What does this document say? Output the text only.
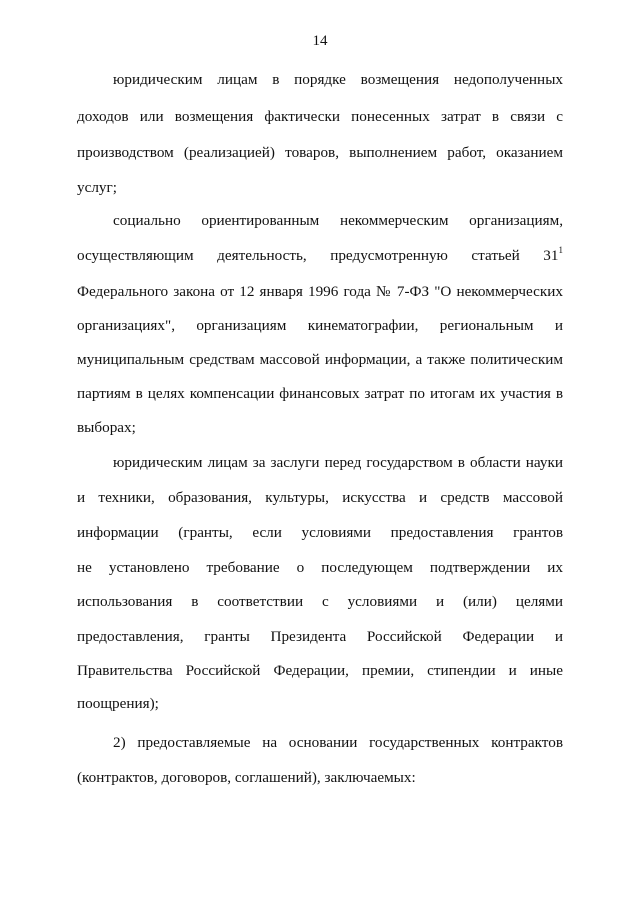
14
юридическим лицам в порядке возмещения недополученных
доходов или возмещения фактически понесенных затрат в связи с
производством (реализацией) товаров, выполнением работ, оказанием
услуг;
социально ориентированным некоммерческим организациям,
осуществляющим деятельность, предусмотренную статьей $31^1$
Федерального закона от 12 января 1996 года № 7-ФЗ "О некоммерческих
организациях", организациям кинематографии, региональным и
муниципальным средствам массовой информации, а также политическим
партиям в целях компенсации финансовых затрат по итогам их участия в
выборах;
юридическим лицам за заслуги перед государством в области науки
и техники, образования, культуры, искусства и средств массовой
информации (гранты, если условиями предоставления грантов
не установлено требование о последующем подтверждении их
использования в соответствии с условиями и (или) целями
предоставления, гранты Президента Российской Федерации и
Правительства Российской Федерации, премии, стипендии и иные
поощрения);
2) предоставляемые на основании государственных контрактов
(контрактов, договоров, соглашений), заключаемых:
